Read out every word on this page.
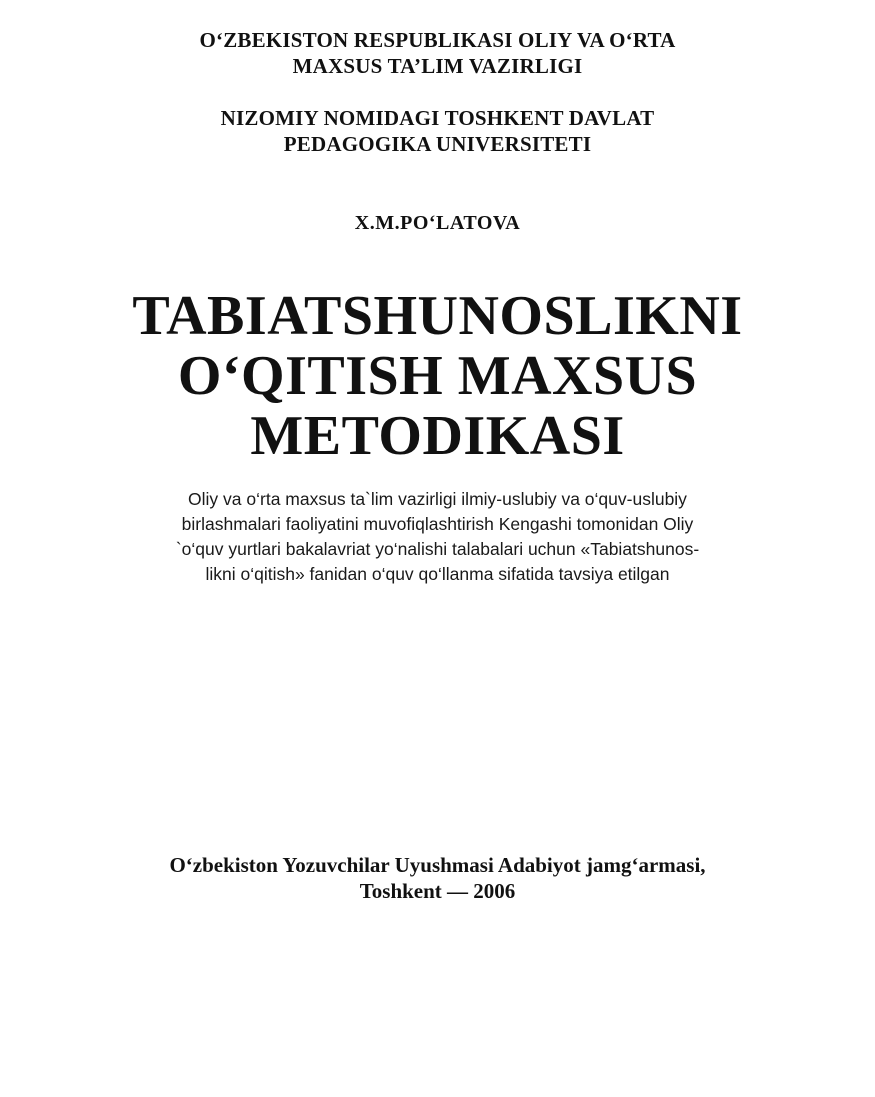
O‘ZBEKISTON RESPUBLIKASI OLIY VA O‘RTA
MAXSUS TA’LIM VAZIRLIGI
NIZOMIY NOMIDAGI TOSHKENT DAVLAT
PEDAGOGIKA UNIVERSITETI
X.M.PO‘LATOVA
TABIATSHUNOSLIKNI
O‘QITISH MAXSUS
METODIKASI
Oliy va o‘rta maxsus ta`lim vazirligi ilmiy-uslubiy va o‘quv-uslubiy
birlashmalari faoliyatini muvofiqlashtirish Kengashi tomonidan Oliy
`o‘quv yurtlari bakalavriat yo‘nalishi talabalari uchun «Tabiatshunos-
likni o‘qitish» fanidan o‘quv qo‘llanma sifatida tavsiya etilgan
O‘zbekiston Yozuvchilar Uyushmasi Adabiyot jamg‘armasi,
Toshkent — 2006
